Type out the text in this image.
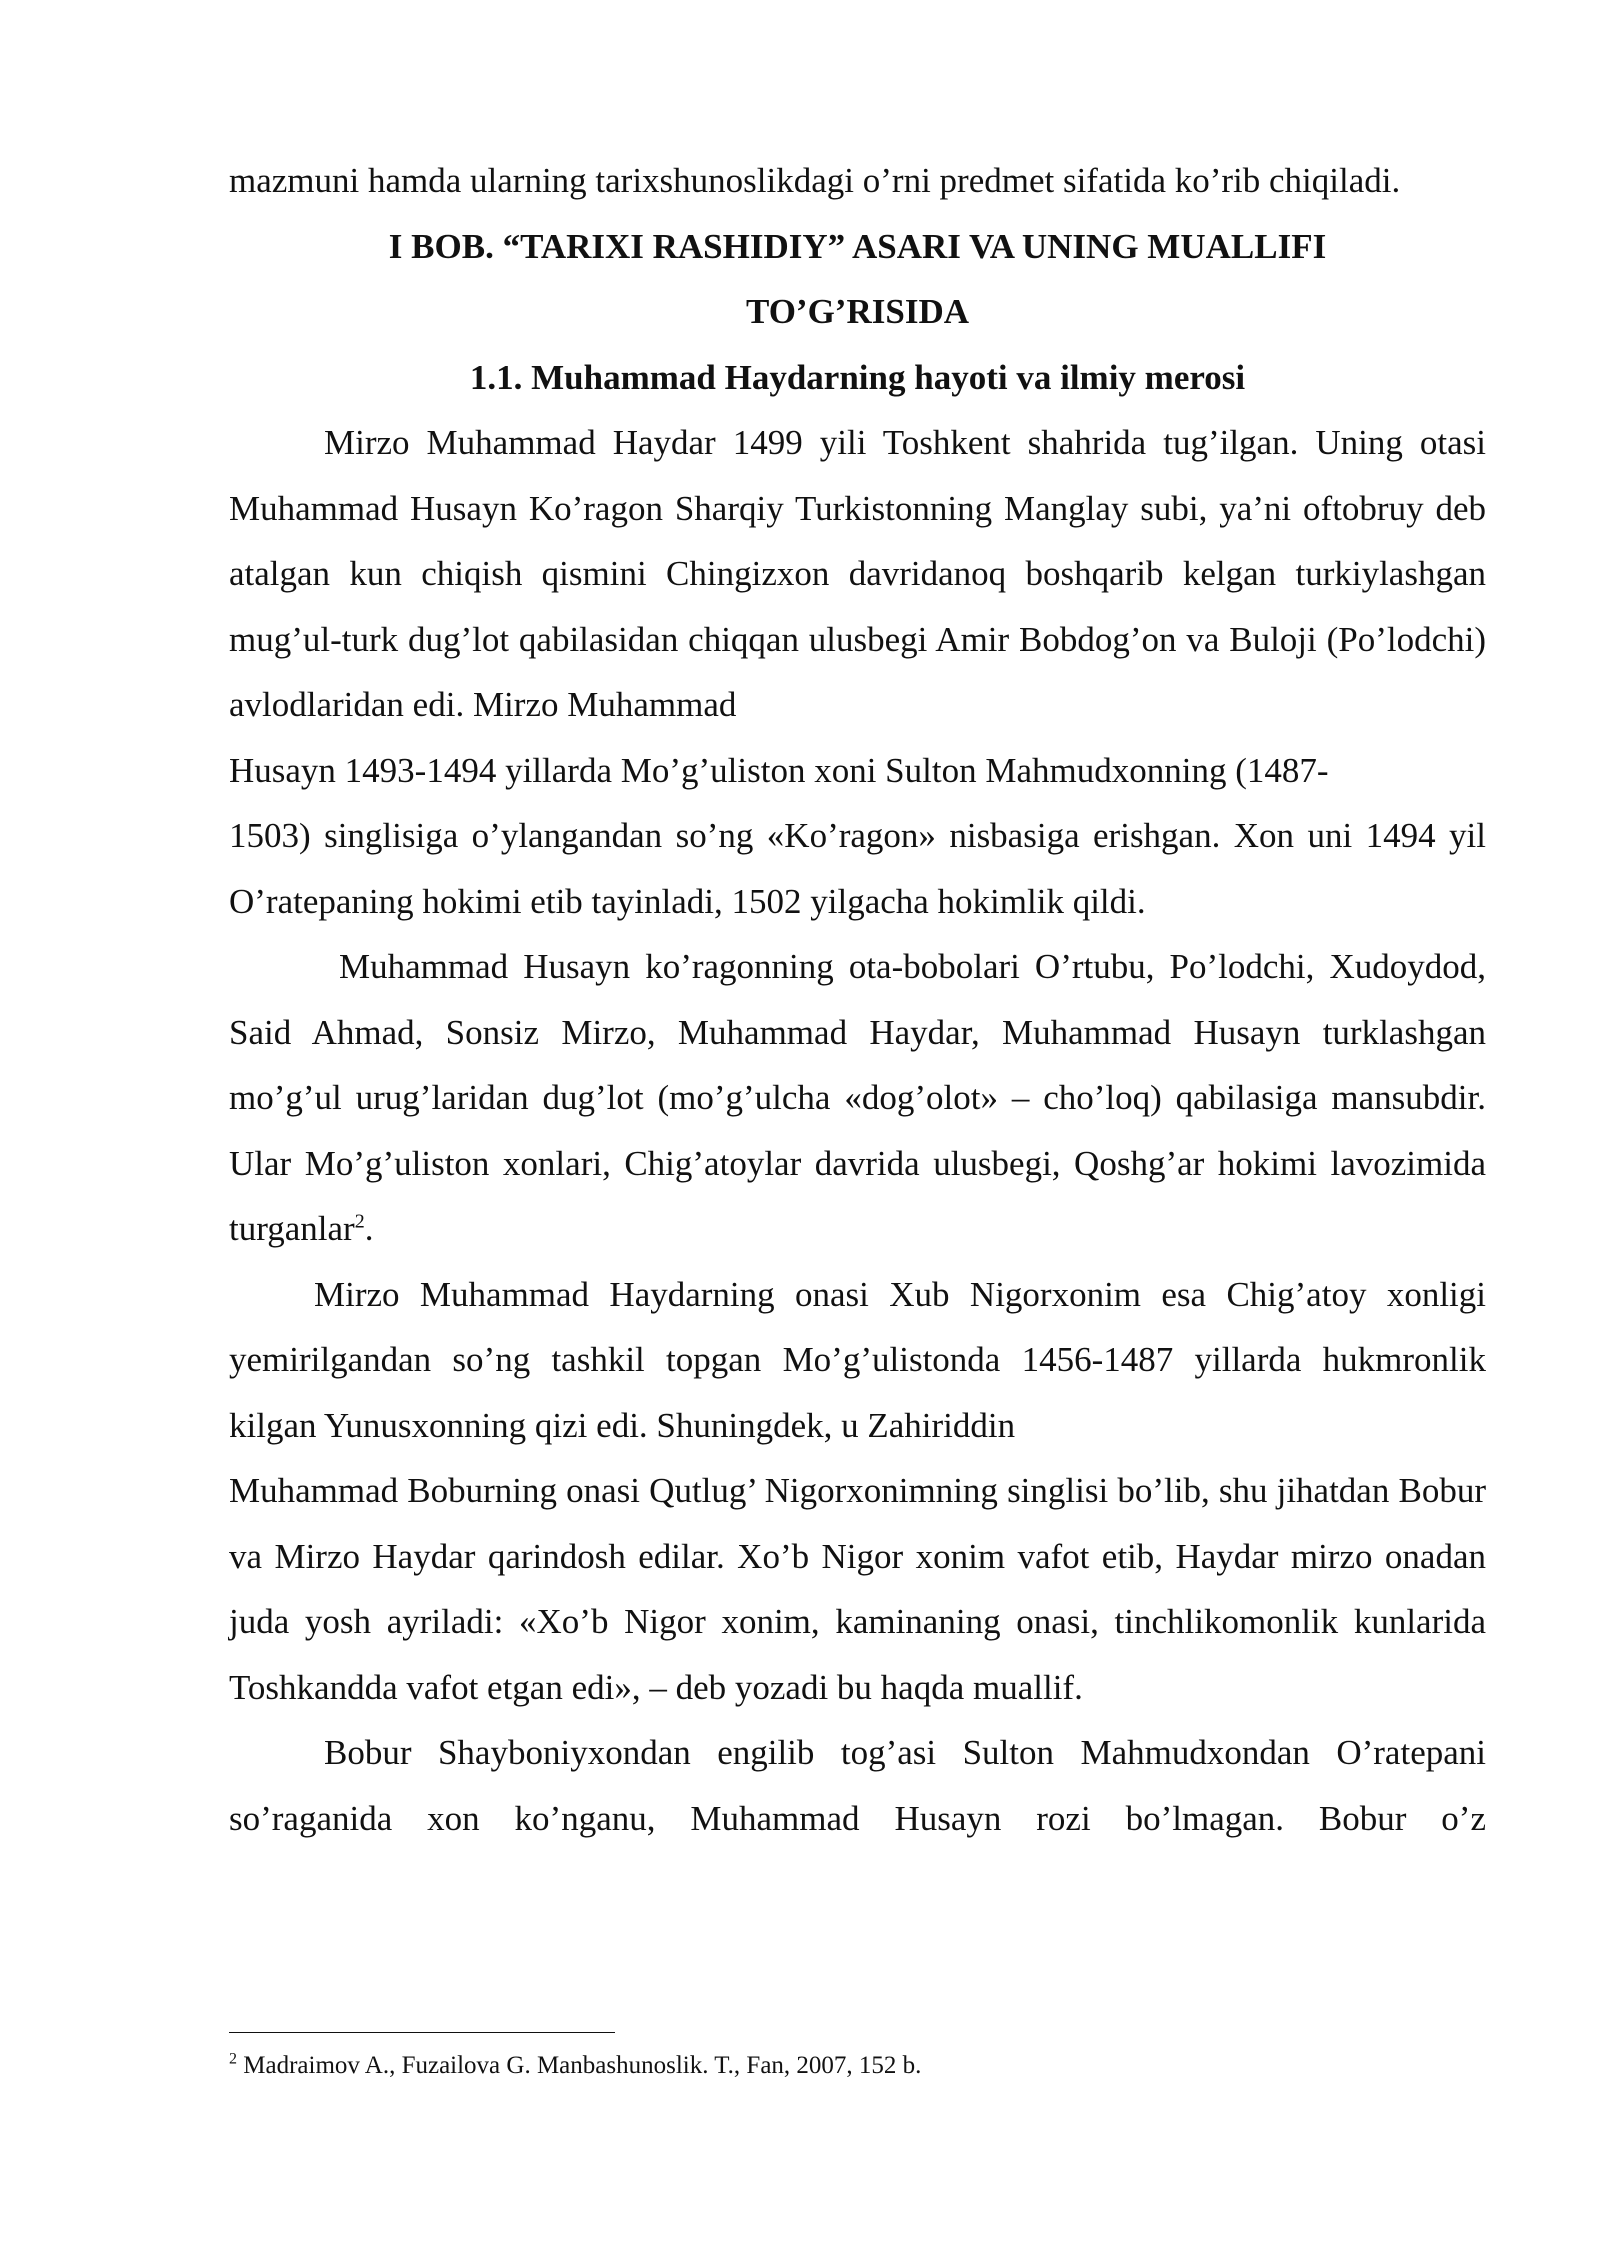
mazmuni hamda ularning tarixshunoslikdagi o’rni predmet sifatida ko’rib chiqiladi.

I BOB. “TARIXI RASHIDIY” ASARI VA UNING MUALLIFI

TO’G’RISIDA

1.1. Muhammad Haydarning hayoti va ilmiy merosi

Mirzo Muhammad Haydar 1499 yili Toshkent shahrida tug’ilgan. Uning otasi Muhammad Husayn Ko’ragon Sharqiy Turkistonning Manglay subi, ya’ni oftobruy deb atalgan kun chiqish qismini Chingizxon davridanoq boshqarib kelgan turkiylashgan mug’ul-turk dug’lot qabilasidan chiqqan ulusbegi Amir Bobdog’on va Buloji (Po’lodchi) avlodlaridan edi. Mirzo Muhammad

Husayn 1493-1494 yillarda Mo’g’uliston xoni Sulton Mahmudxonning (1487-

1503) singlisiga o’ylangandan so’ng «Ko’ragon» nisbasiga erishgan. Xon uni 1494 yil O’ratepaning hokimi etib tayinladi, 1502 yilgacha hokimlik qildi.

Muhammad Husayn ko’ragonning ota-bobolari O’rtubu, Po’lodchi, Xudoydod, Said Ahmad, Sonsiz Mirzo, Muhammad Haydar, Muhammad Husayn turklashgan mo’g’ul urug’laridan dug’lot (mo’g’ulcha «dog’olot» – cho’loq) qabilasiga mansubdir. Ular Mo’g’uliston xonlari, Chig’atoylar davrida ulusbegi, Qoshg’ar hokimi lavozimida turganlar$^2$.

Mirzo Muhammad Haydarning onasi Xub Nigorxonim esa Chig’atoy xonligi yemirilgandan so’ng tashkil topgan Mo’g’ulistonda 1456-1487 yillarda hukmronlik kilgan Yunusxonning qizi edi. Shuningdek, u Zahiriddin

Muhammad Boburning onasi Qutlug’ Nigorxonimning singlisi bo’lib, shu jihatdan Bobur va Mirzo Haydar qarindosh edilar. Xo’b Nigor xonim vafot etib, Haydar mirzo onadan juda yosh ayriladi: «Xo’b Nigor xonim, kaminaning onasi, tinchlikomonlik kunlarida Toshkandda vafot etgan edi», – deb yozadi bu haqda muallif.

Bobur Shayboniyxondan engilib tog’asi Sulton Mahmudxondan O’ratepani so’raganida xon ko’nganu, Muhammad Husayn rozi bo’lmagan. Bobur o’z

$^2$ Madraimov A., Fuzailova G. Manbashunoslik. T., Fan, 2007, 152 b.
